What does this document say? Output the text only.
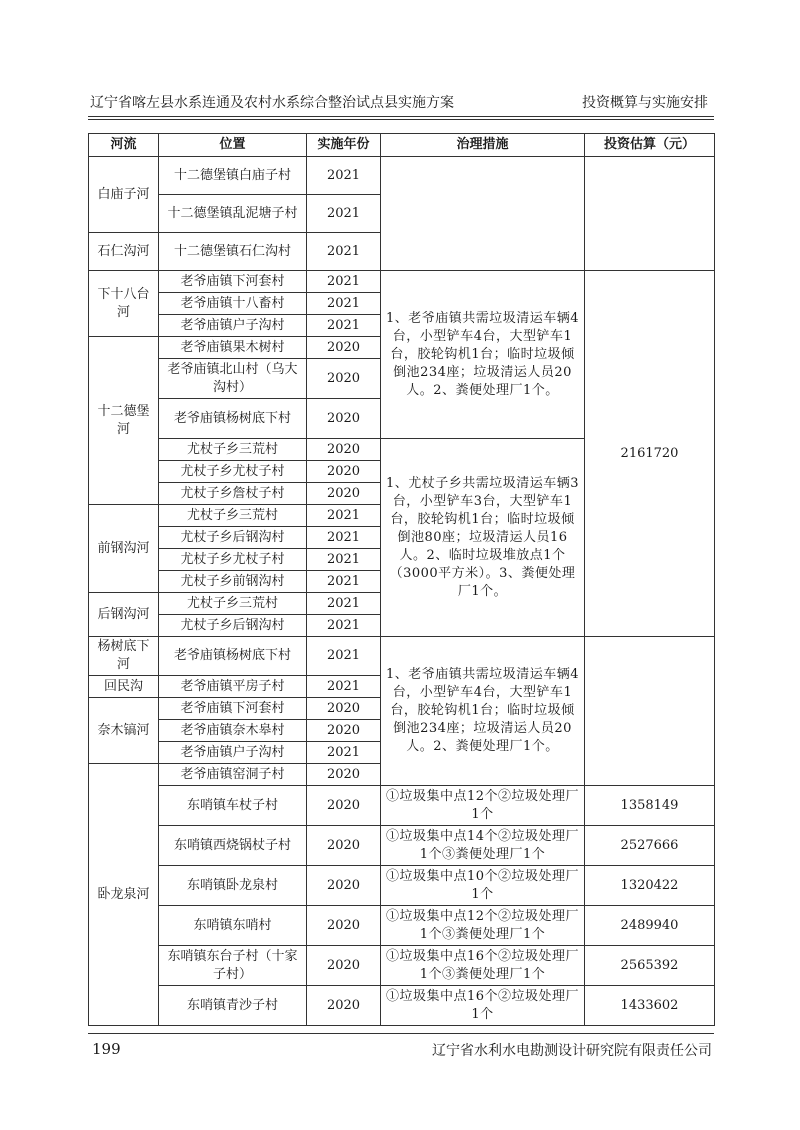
辽宁省喀左县水系连通及农村水系综合整治试点县实施方案	投资概算与实施安排
河流	位置	实施年份	治理措施	投资估算（元）
白庙子河	十二德堡镇白庙子村	2021		
	十二德堡镇乱泥塘子村	2021		
石仁沟河	十二德堡镇石仁沟村	2021		
下十八台河	老爷庙镇下河套村	2021	1、老爷庙镇共需垃圾清运车辆4台，小型铲车4台，大型铲车1台，胶轮钩机1台；临时垃圾倾倒池234座；垃圾清运人员20人。2、粪便处理厂1个。	2161720
	老爷庙镇十八畜村	2021		
	老爷庙镇户子沟村	2021		
十二德堡河	老爷庙镇果木树村	2020		
	老爷庙镇北山村（乌大沟村）	2020		
	老爷庙镇杨树底下村	2020		
	尤杖子乡三荒村	2020	1、尤杖子乡共需垃圾清运车辆3台，小型铲车3台，大型铲车1台，胶轮钩机1台；临时垃圾倾倒池80座；垃圾清运人员16人。2、临时垃圾堆放点1个（3000平方米）。3、粪便处理厂1个。	
	尤杖子乡尤杖子村	2020		
	尤杖子乡詹杖子村	2020		
前钢沟河	尤杖子乡三荒村	2021		
	尤杖子乡后钢沟村	2021		
	尤杖子乡尤杖子村	2021		
	尤杖子乡前钢沟村	2021		
后钢沟河	尤杖子乡三荒村	2021		
	尤杖子乡后钢沟村	2021		
杨树底下河	老爷庙镇杨树底下村	2021	1、老爷庙镇共需垃圾清运车辆4台，小型铲车4台，大型铲车1台，胶轮钩机1台；临时垃圾倾倒池234座；垃圾清运人员20人。2、粪便处理厂1个。	
回民沟	老爷庙镇平房子村	2021		
奈木镐河	老爷庙镇下河套村	2020		
	老爷庙镇奈木皋村	2020		
	老爷庙镇户子沟村	2021		
卧龙泉河	老爷庙镇窑洞子村	2020		
	东哨镇车杖子村	2020	①垃圾集中点12个②垃圾处理厂1个	1358149
	东哨镇西烧锅杖子村	2020	①垃圾集中点14个②垃圾处理厂1个③粪便处理厂1个	2527666
	东哨镇卧龙泉村	2020	①垃圾集中点10个②垃圾处理厂1个	1320422
	东哨镇东哨村	2020	①垃圾集中点12个②垃圾处理厂1个③粪便处理厂1个	2489940
	东哨镇东台子村（十家子村）	2020	①垃圾集中点16个②垃圾处理厂1个③粪便处理厂1个	2565392
	东哨镇青沙子村	2020	①垃圾集中点16个②垃圾处理厂1个	1433602
199	辽宁省水利水电勘测设计研究院有限责任公司
